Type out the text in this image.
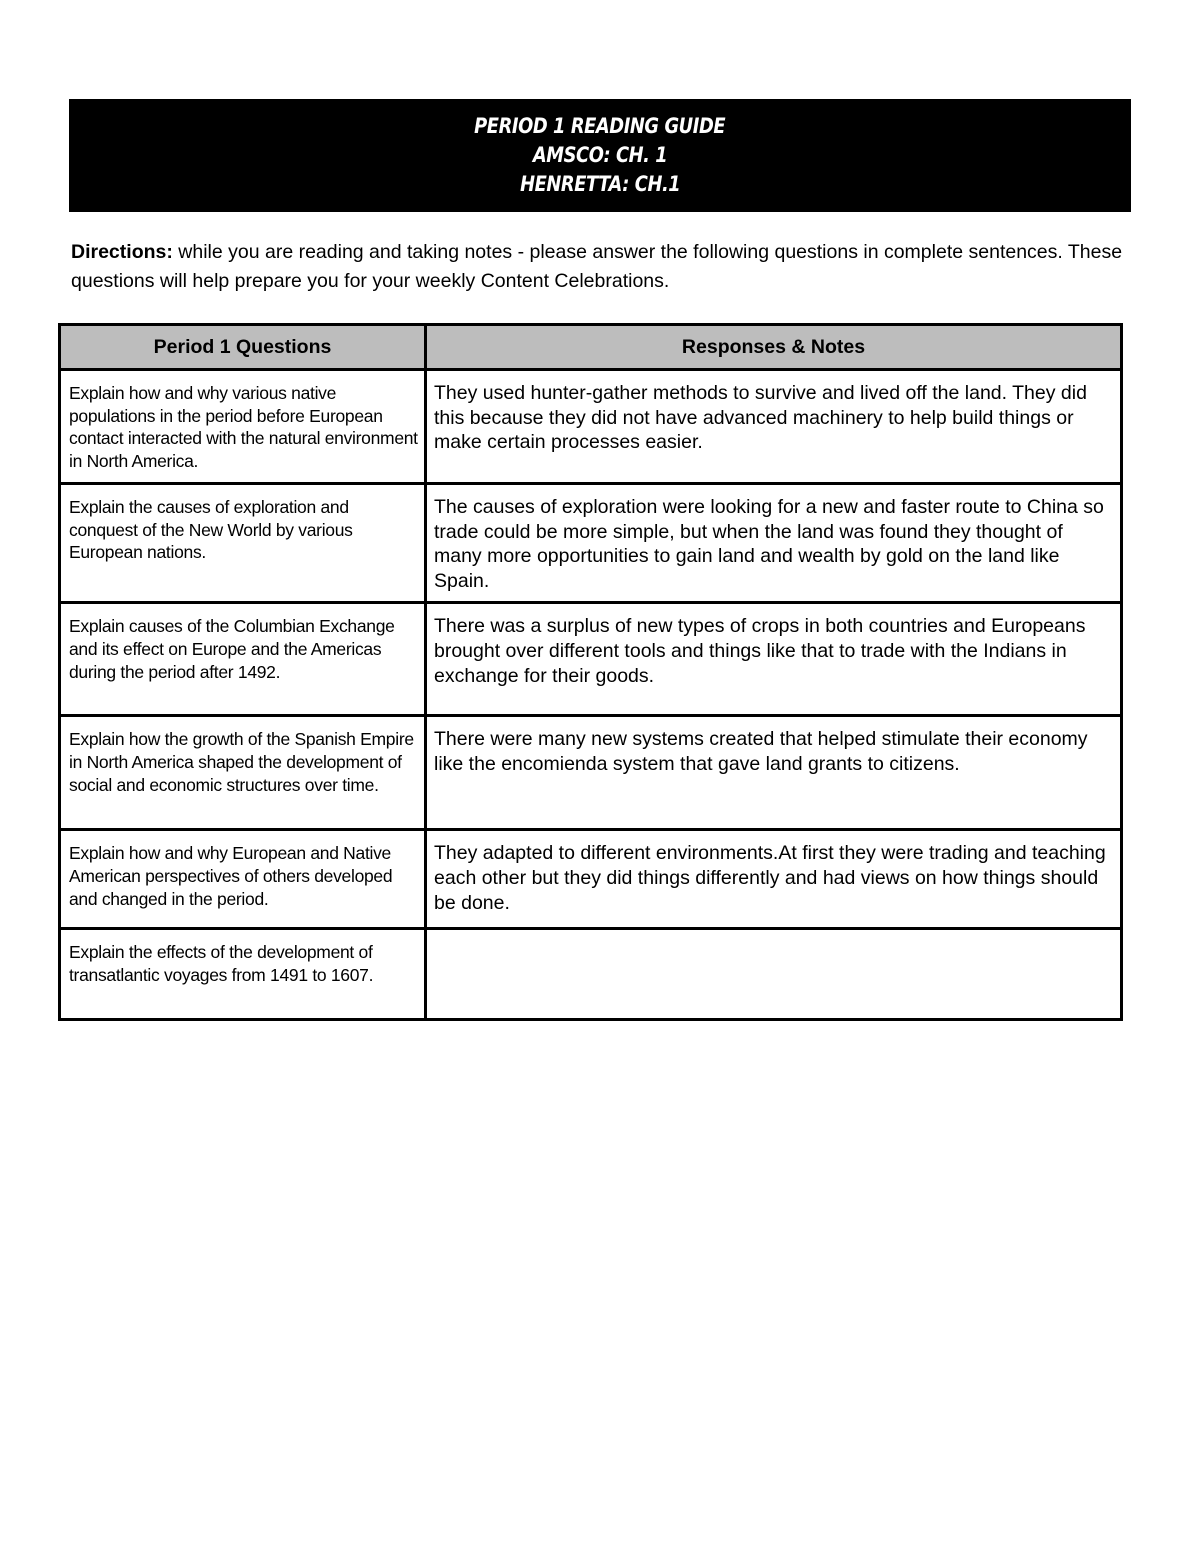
PERIOD 1 READING GUIDE
AMSCO: CH. 1
HENRETTA: CH.1
Directions: while you are reading and taking notes - please answer the following questions in complete sentences. These questions will help prepare you for your weekly Content Celebrations.
Period 1 Questions	Responses & Notes
Explain how and why various native populations in the period before European contact interacted with the natural environment in North America.	They used hunter-gather methods to survive and lived off the land. They did this because they did not have advanced machinery to help build things or make certain processes easier.
Explain the causes of exploration and conquest of the New World by various European nations.	The causes of exploration were looking for a new and faster route to China so trade could be more simple, but when the land was found they thought of many more opportunities to gain land and wealth by gold on the land like Spain.
Explain causes of the Columbian Exchange and its effect on Europe and the Americas during the period after 1492.	There was a surplus of new types of crops in both countries and Europeans brought over different tools and things like that to trade with the Indians in exchange for their goods.
Explain how the growth of the Spanish Empire in North America shaped the development of social and economic structures over time.	There were many new systems created that helped stimulate their economy like the encomienda system that gave land grants to citizens.
Explain how and why European and Native American perspectives of others developed and changed in the period.	They adapted to different environments.At first they were trading and teaching each other but they did things differently and had views on how things should be done.
Explain the effects of the development of transatlantic voyages from 1491 to 1607.	
